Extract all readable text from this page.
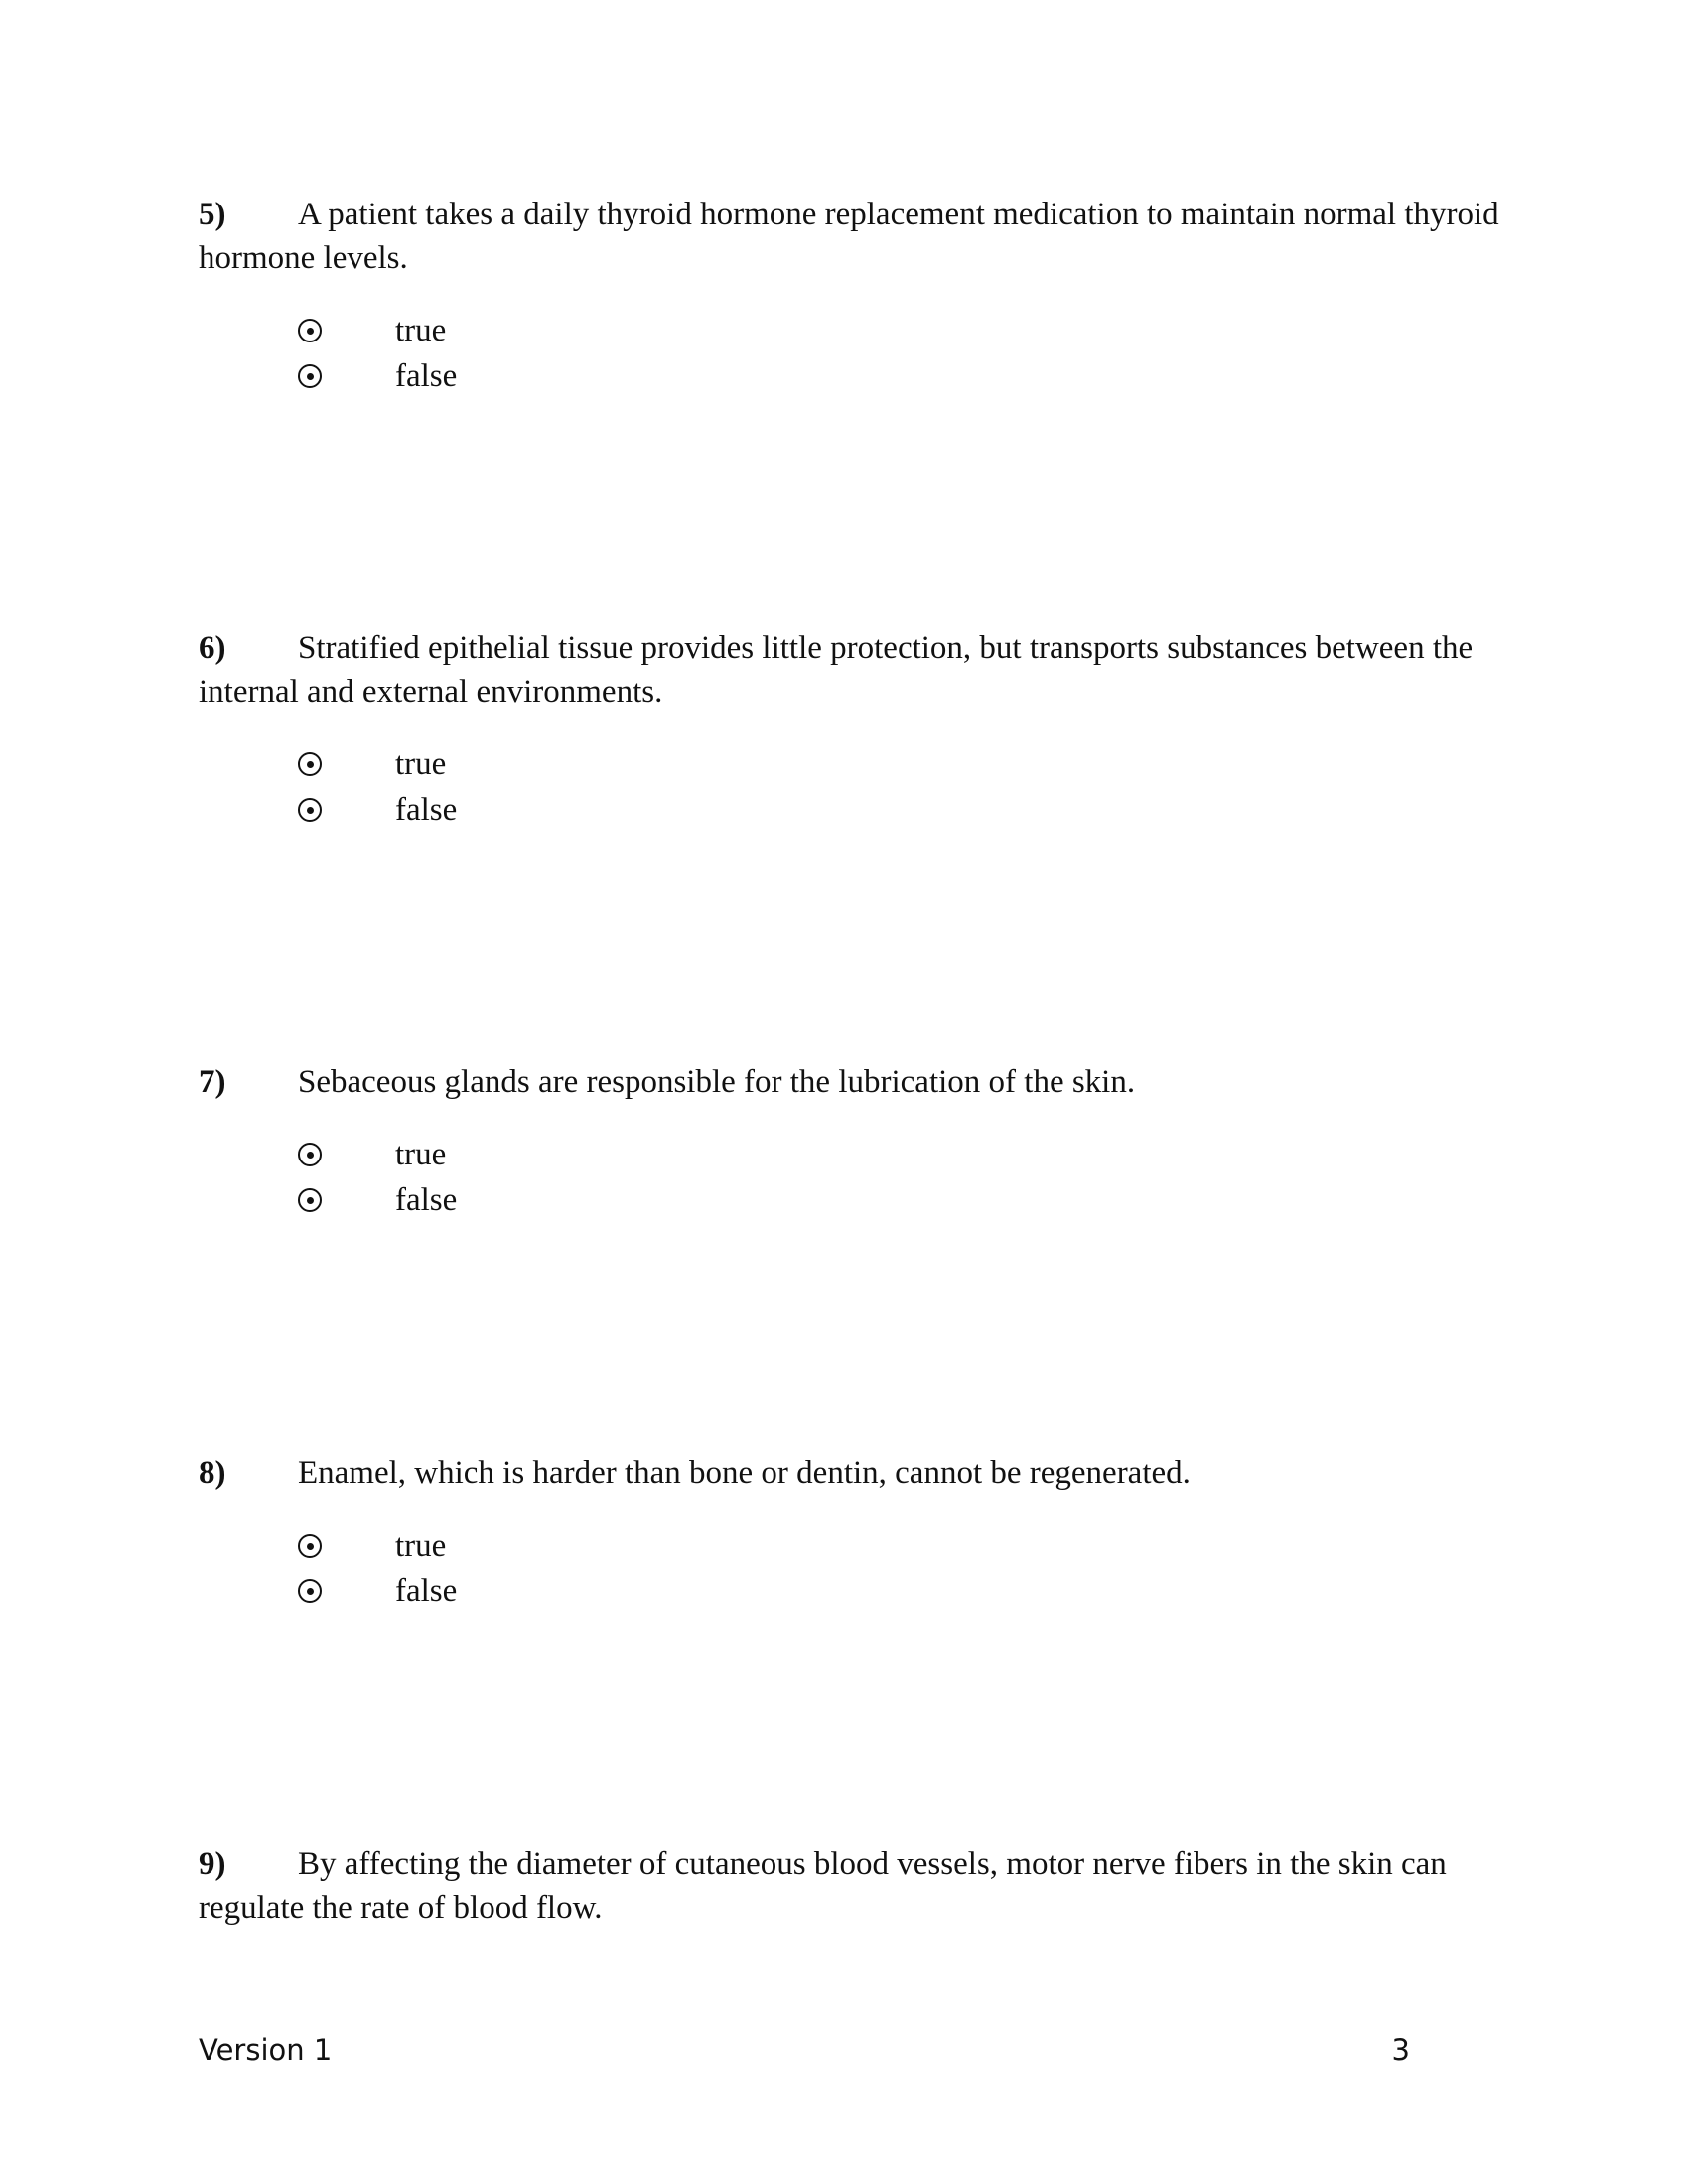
5) A patient takes a daily thyroid hormone replacement medication to maintain normal thyroid hormone levels.

true
false

6) Stratified epithelial tissue provides little protection, but transports substances between the internal and external environments.

true
false

7) Sebaceous glands are responsible for the lubrication of the skin.

true
false

8) Enamel, which is harder than bone or dentin, cannot be regenerated.

true
false

9) By affecting the diameter of cutaneous blood vessels, motor nerve fibers in the skin can regulate the rate of blood flow.

Version 1	3
